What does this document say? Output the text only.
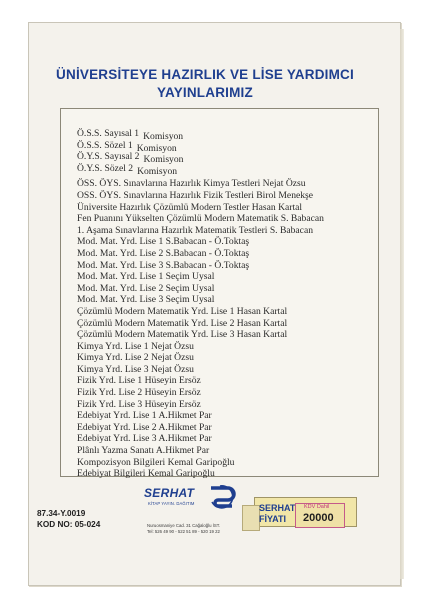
ÜNİVERSİTEYE HAZIRLIK VE LİSE YARDIMCI
YAYINLARIMIZ
Ö.S.S. Sayısal 1 Komisyon
Ö.S.S. Sözel 1 Komisyon
Ö.Y.S. Sayısal 2 Komisyon
Ö.Y.S. Sözel 2 Komisyon
ÖSS. ÖYS. Sınavlarına Hazırlık Kimya Testleri Nejat Özsu
OSS. ÖYS. Sınavlarına Hazırlık Fizik Testleri Birol Menekşe
Üniversite Hazırlık Çözümlü Modern Testler Hasan Kartal
Fen Puanını Yükselten Çözümlü Modern Matematik S. Babacan
1. Aşama Sınavlarına Hazırlık Matematik Testleri S. Babacan
Mod. Mat. Yrd. Lise 1 S.Babacan - Ö.Toktaş
Mod. Mat. Yrd. Lise 2 S.Babacan - Ö.Toktaş
Mod. Mat. Yrd. Lise 3 S.Babacan - Ö.Toktaş
Mod. Mat. Yrd. Lise 1 Seçim Uysal
Mod. Mat. Yrd. Lise 2 Seçim Uysal
Mod. Mat. Yrd. Lise 3 Seçim Uysal
Çözümlü Modern Matematik Yrd. Lise 1 Hasan Kartal
Çözümlü Modern Matematik Yrd. Lise 2 Hasan Kartal
Çözümlü Modern Matematik Yrd. Lise 3 Hasan Kartal
Kimya Yrd. Lise 1 Nejat Özsu
Kimya Yrd. Lise 2 Nejat Özsu
Kimya Yrd. Lise 3 Nejat Özsu
Fizik Yrd. Lise 1 Hüseyin Ersöz
Fizik Yrd. Lise 2 Hüseyin Ersöz
Fizik Yrd. Lise 3 Hüseyin Ersöz
Edebiyat Yrd. Lise 1 A.Hikmet Par
Edebiyat Yrd. Lise 2 A.Hikmet Par
Edebiyat Yrd. Lise 3 A.Hikmet Par
Plânlı Yazma Sanatı A.Hikmet Par
Kompozisyon Bilgileri Kemal Garipoğlu
Edebiyat Bilgileri Kemal Garipoğlu
87.34-Y.0019
KOD NO: 05-024
SERHAT
KİTAP YAYIN. DAĞITIM
Nuruosmaniye Cad. 31 Cağaloğlu İST.
Tel: 526 49 90 - 522 51 89 - 520 19 22
SERHAT
FİYATI
KDV Dahil
20000
